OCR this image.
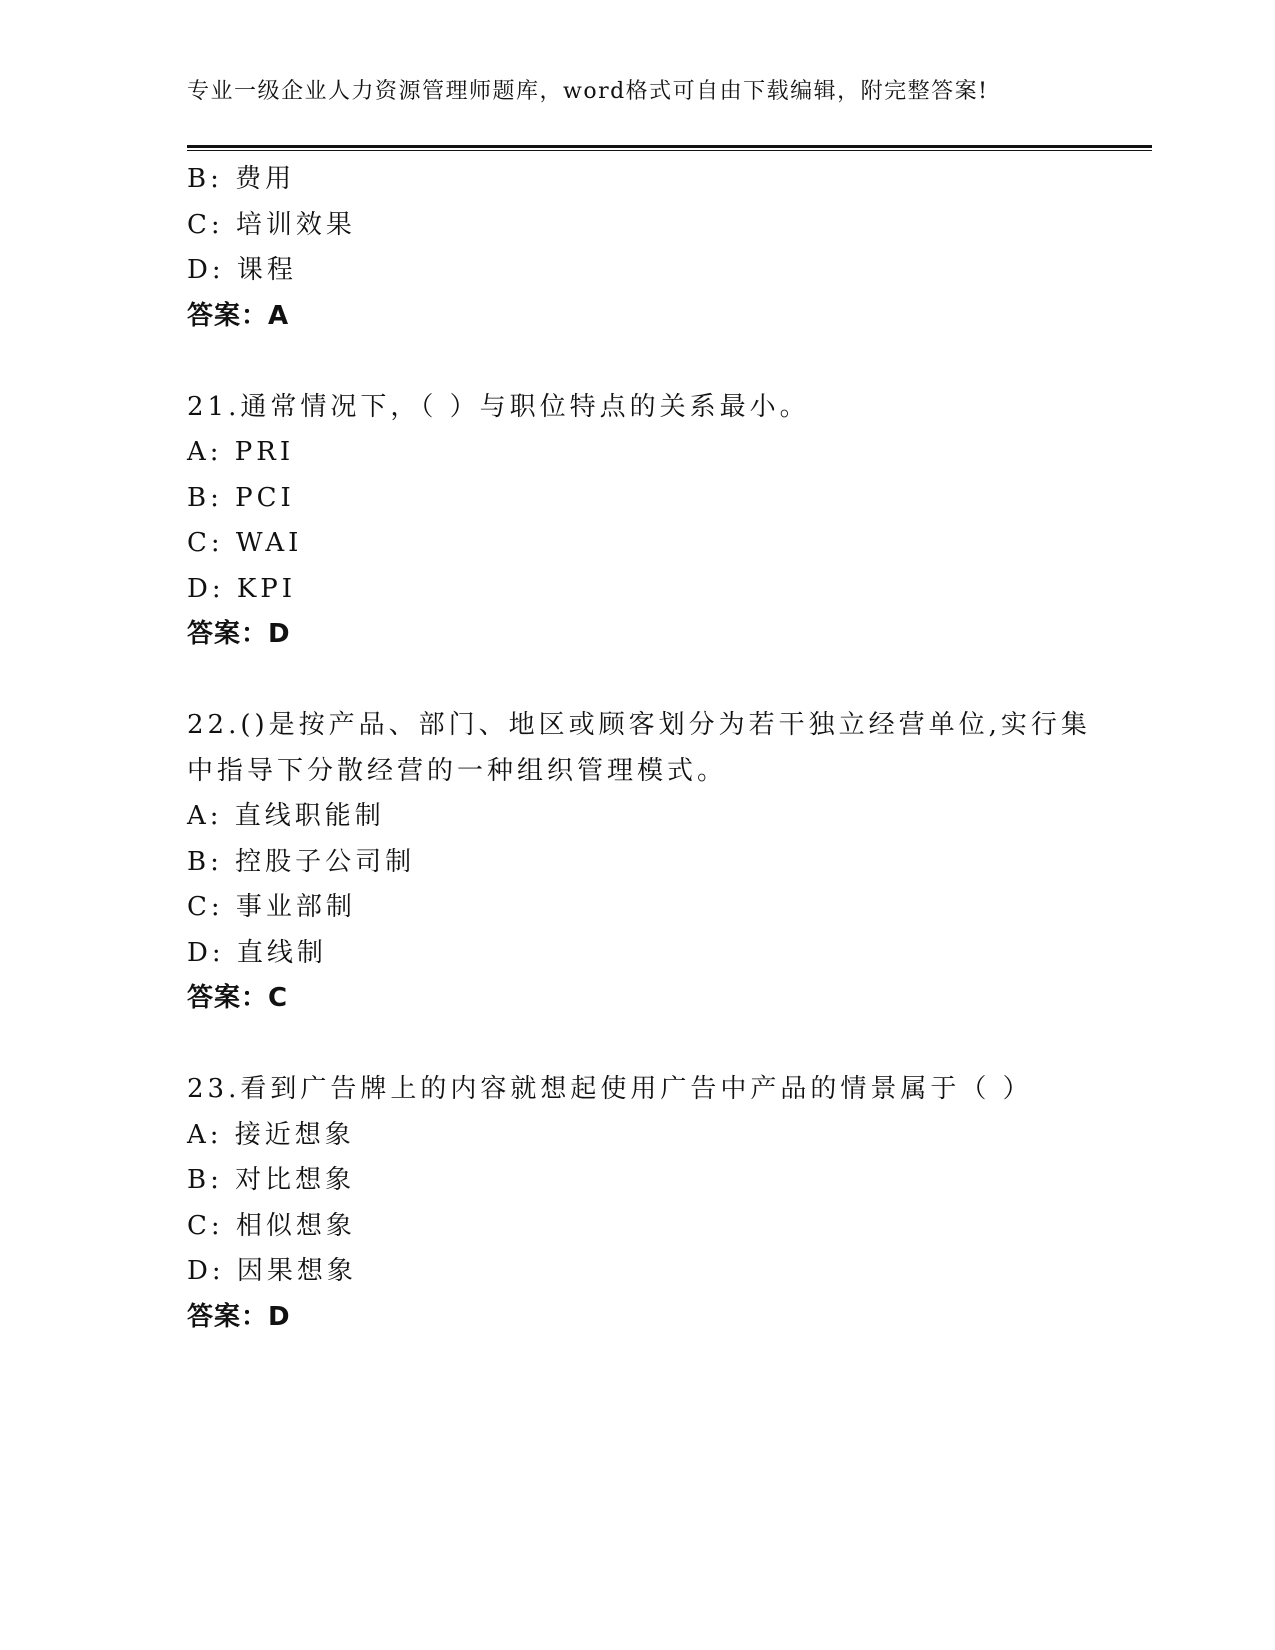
专业一级企业人力资源管理师题库，word格式可自由下载编辑，附完整答案!
B: 费用
C: 培训效果
D: 课程
答案：A
21.通常情况下，（ ）与职位特点的关系最小。
A: PRI
B: PCI
C: WAI
D: KPI
答案：D
22.()是按产品、部门、地区或顾客划分为若干独立经营单位,实行集
中指导下分散经营的一种组织管理模式。
A: 直线职能制
B: 控股子公司制
C: 事业部制
D: 直线制
答案：C
23.看到广告牌上的内容就想起使用广告中产品的情景属于（ ）
A: 接近想象
B: 对比想象
C: 相似想象
D: 因果想象
答案：D
